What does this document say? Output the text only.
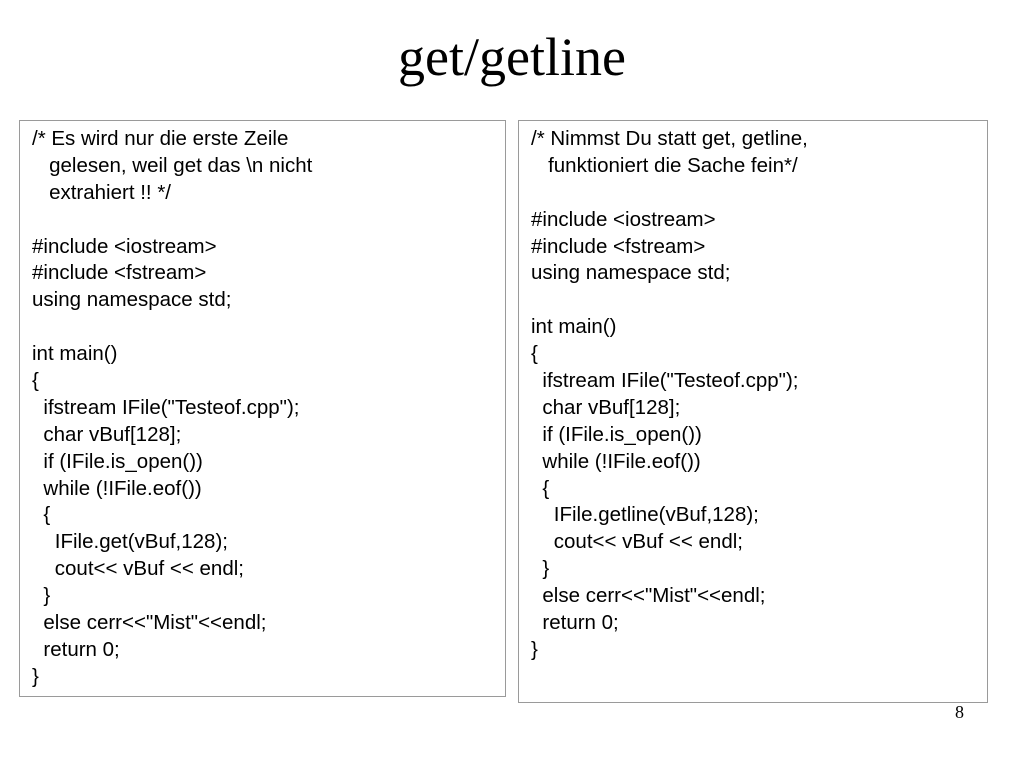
get/getline
/* Es wird nur die erste Zeile
gelesen, weil get das \n nicht
extrahiert !! */
#include <iostream>
#include <fstream>
using namespace std;
int main()
{
ifstream IFile("Testeof.cpp");
char vBuf[128];
if (IFile.is_open())
while (!IFile.eof())
{
IFile.get(vBuf,128);
cout<< vBuf << endl;
}
else cerr<<"Mist"<<endl;
return 0;
}
/* Nimmst Du statt get, getline,
funktioniert die Sache fein*/
#include <iostream>
#include <fstream>
using namespace std;
int main()
{
ifstream IFile("Testeof.cpp");
char vBuf[128];
if (IFile.is_open())
while (!IFile.eof())
{
IFile.getline(vBuf,128);
cout<< vBuf << endl;
}
else cerr<<"Mist"<<endl;
return 0;
}
8
